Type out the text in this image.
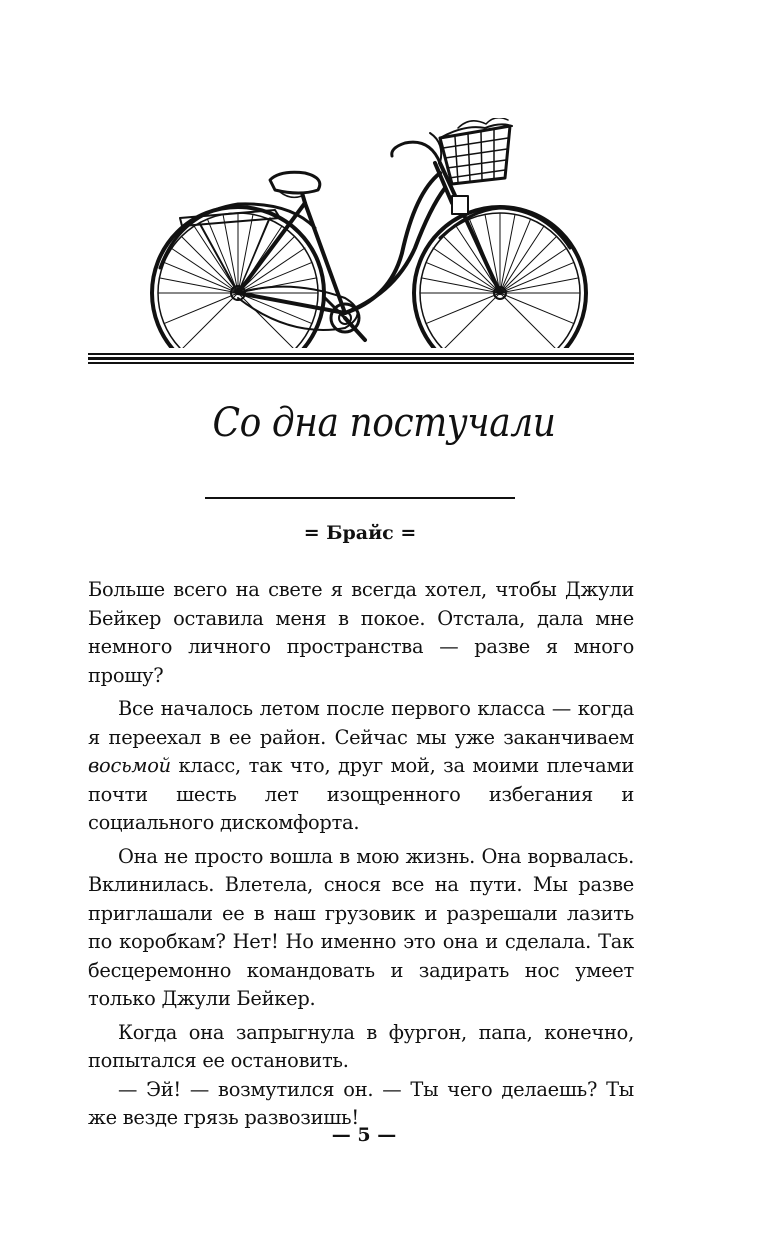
Со дна постучали

= Брайс =

Больше всего на свете я всегда хотел, чтобы Джули Бейкер оставила меня в покое. Отстала, дала мне немного личного пространства — разве я много прошу?

Все началось летом после первого класса — когда я переехал в ее район. Сейчас мы уже заканчиваем восьмой класс, так что, друг мой, за моими плечами почти шесть лет изощренного избегания и социального дискомфорта.

Она не просто вошла в мою жизнь. Она ворвалась. Вклинилась. Влетела, снося все на пути. Мы разве приглашали ее в наш грузовик и разрешали лазить по коробкам? Нет! Но именно это она и сделала. Так бесцеремонно командовать и задирать нос умеет только Джули Бейкер.

Когда она запрыгнула в фургон, папа, конечно, попытался ее остановить.

— Эй! — возмутился он. — Ты чего делаешь? Ты же везде грязь развозишь!

— 5 —
